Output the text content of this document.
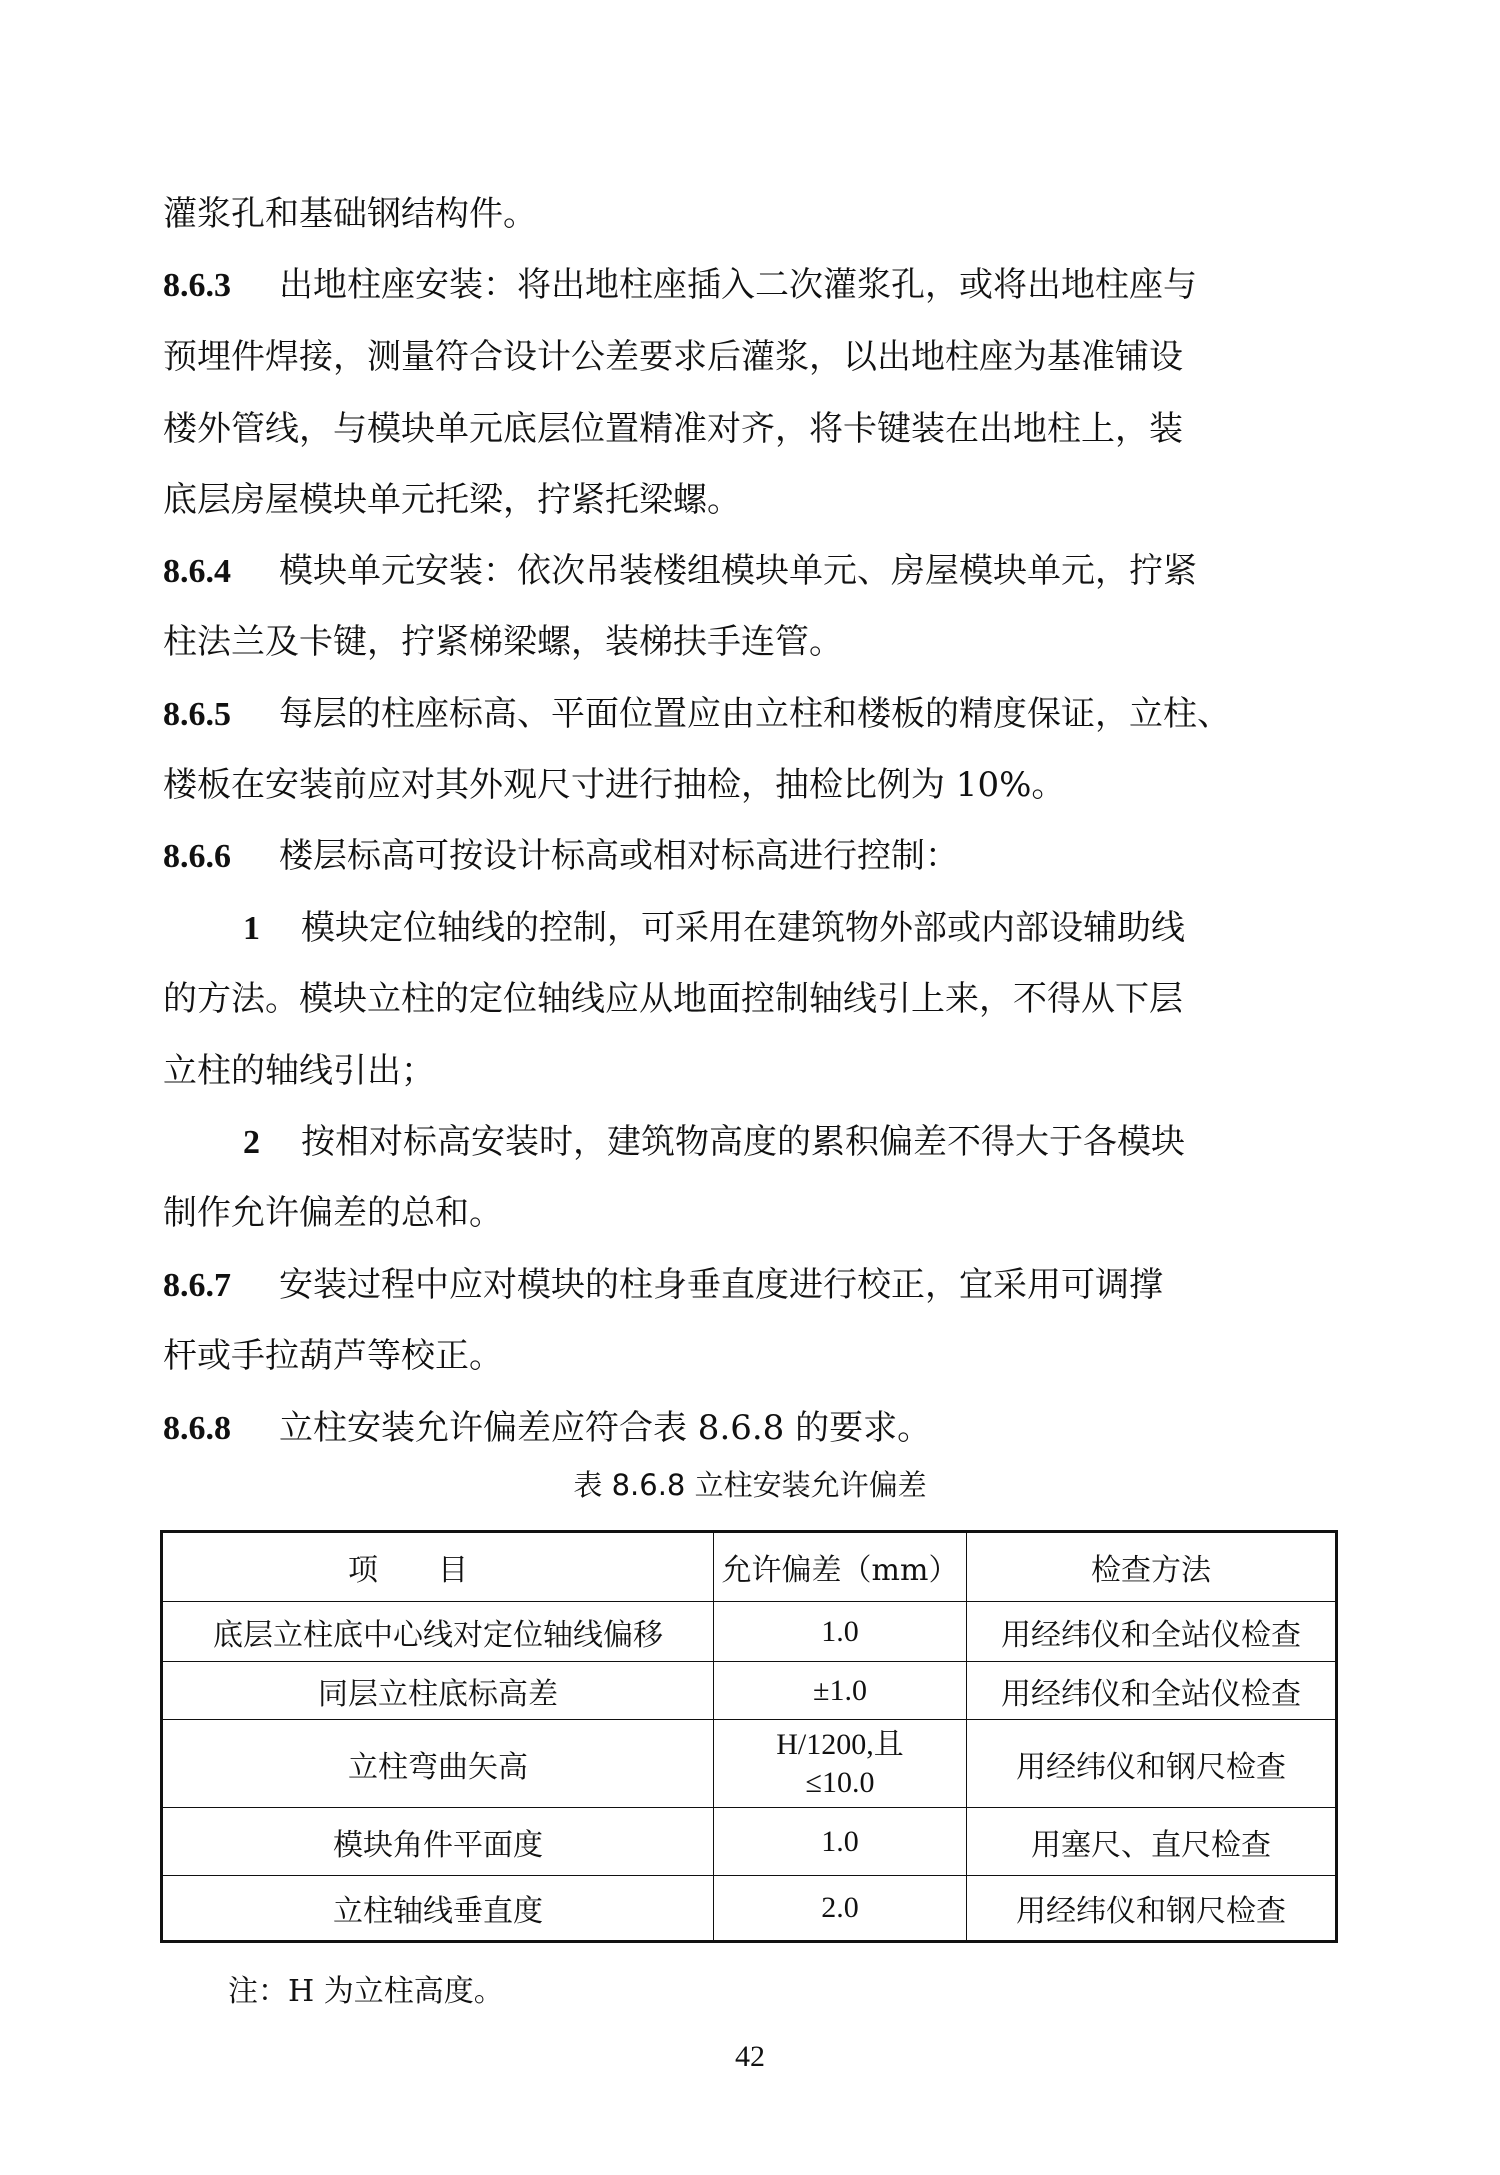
灌浆孔和基础钢结构件。
8.6.3 出地柱座安装：将出地柱座插入二次灌浆孔，或将出地柱座与
预埋件焊接，测量符合设计公差要求后灌浆，以出地柱座为基准铺设
楼外管线，与模块单元底层位置精准对齐，将卡键装在出地柱上，装
底层房屋模块单元托梁，拧紧托梁螺。
8.6.4 模块单元安装：依次吊装楼组模块单元、房屋模块单元，拧紧
柱法兰及卡键，拧紧梯梁螺，装梯扶手连管。
8.6.5 每层的柱座标高、平面位置应由立柱和楼板的精度保证，立柱、
楼板在安装前应对其外观尺寸进行抽检，抽检比例为 10%。
8.6.6 楼层标高可按设计标高或相对标高进行控制：
1 模块定位轴线的控制，可采用在建筑物外部或内部设辅助线
的方法。模块立柱的定位轴线应从地面控制轴线引上来，不得从下层
立柱的轴线引出；
2 按相对标高安装时，建筑物高度的累积偏差不得大于各模块
制作允许偏差的总和。
8.6.7 安装过程中应对模块的柱身垂直度进行校正，宜采用可调撑
杆或手拉葫芦等校正。
8.6.8 立柱安装允许偏差应符合表 8.6.8 的要求。
表 8.6.8 立柱安装允许偏差
项目	允许偏差（mm）	检查方法
底层立柱底中心线对定位轴线偏移	1.0	用经纬仪和全站仪检查
同层立柱底标高差	±1.0	用经纬仪和全站仪检查
立柱弯曲矢高	H/1200,且
≤10.0	用经纬仪和钢尺检查
模块角件平面度	1.0	用塞尺、直尺检查
立柱轴线垂直度	2.0	用经纬仪和钢尺检查
注：H 为立柱高度。
42
